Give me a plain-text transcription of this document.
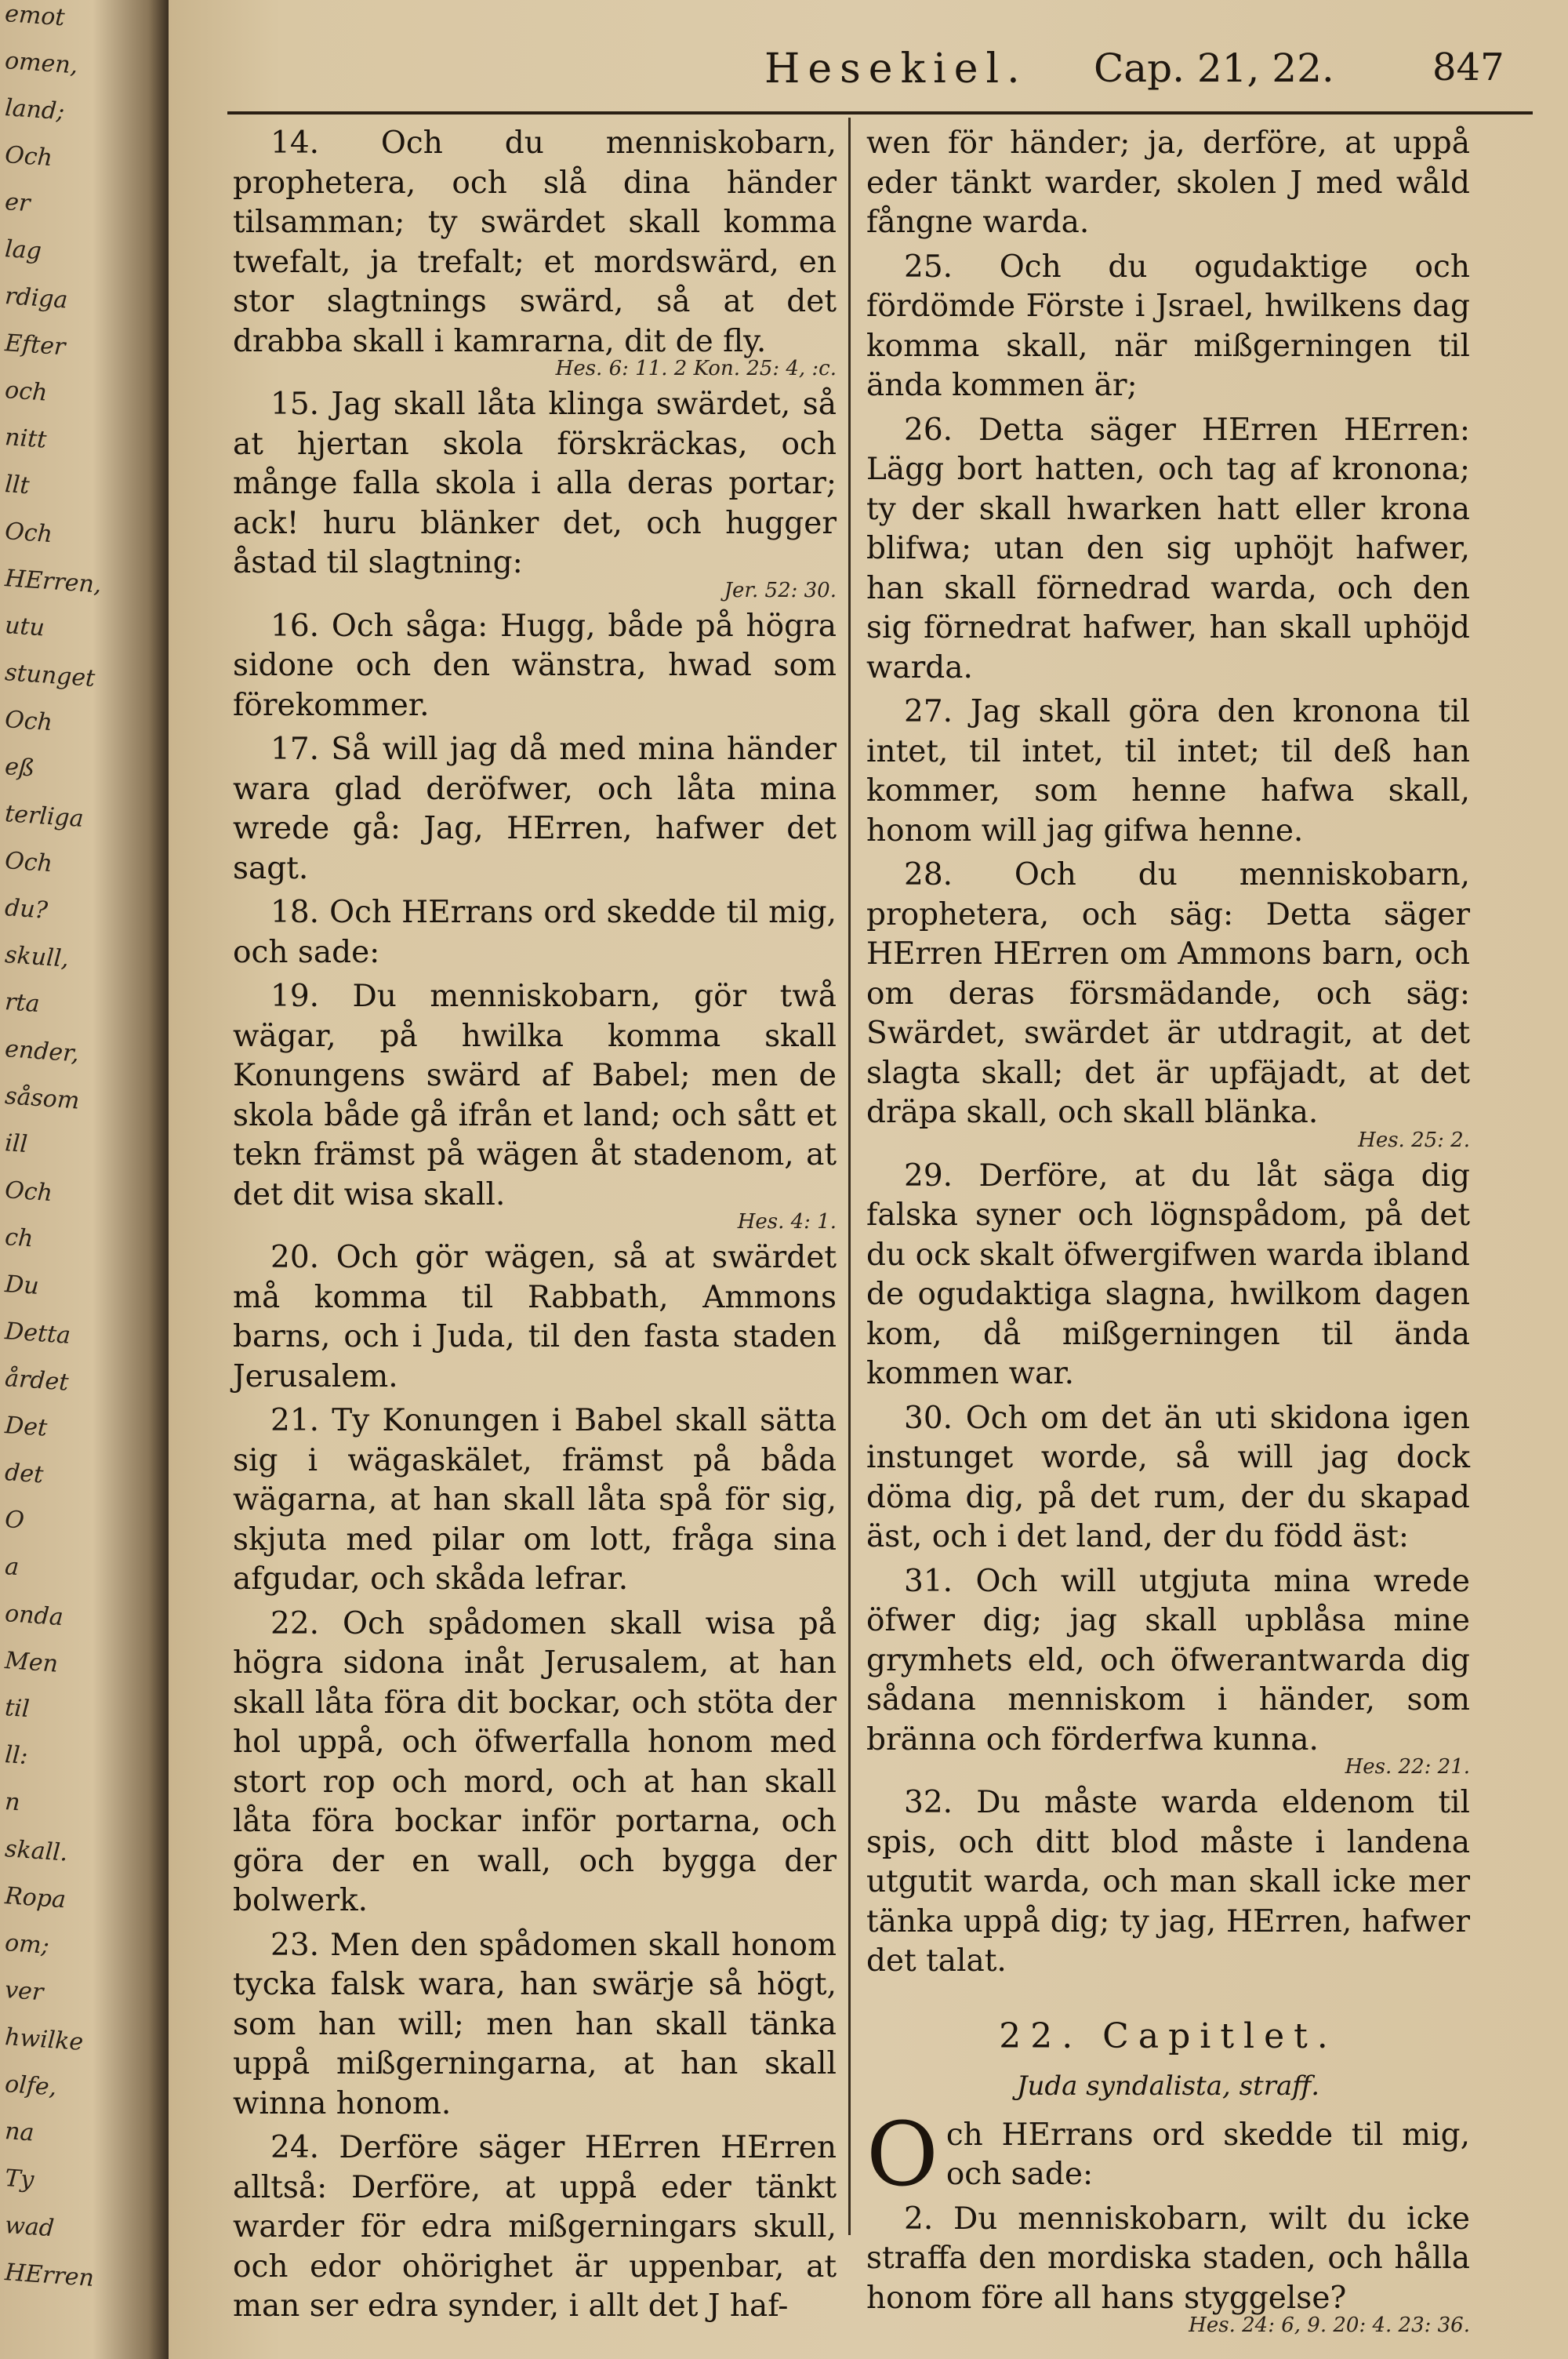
emot
omen,
land;
Och
er
lag
rdiga
Efter
och
nitt
llt
Och
HErren,
utu
stunget
Och
eß
terliga
Och
du?
skull,
rta
ender,
såsom
ill
Och
ch
Du
Detta
årdet
Det
det
O
a
onda
Men
til
ll:
n
skall.
Ropa
om;
ver
hwilke
olfe,
na
Ty
wad
HErren
Hesekiel. Cap. 21, 22.	847

14. Och du menniskobarn, prophetera, och slå dina händer tilsamman; ty swärdet skall komma twefalt, ja trefalt; et mordswärd, en stor slagtnings swärd, så at det drabba skall i kamrarna, dit de fly.
Hes. 6: 11. 2 Kon. 25: 4, :c.

15. Jag skall låta klinga swärdet, så at hjertan skola förskräckas, och månge falla skola i alla deras portar; ack! huru blänker det, och hugger åstad til slagtning:
Jer. 52: 30.

16. Och såga: Hugg, både på högra sidone och den wänstra, hwad som förekommer.

17. Så will jag då med mina händer wara glad deröfwer, och låta mina wrede gå: Jag, HErren, hafwer det sagt.

18. Och HErrans ord skedde til mig, och sade:

19. Du menniskobarn, gör twå wägar, på hwilka komma skall Konungens swärd af Babel; men de skola både gå ifrån et land; och sått et tekn främst på wägen åt stadenom, at det dit wisa skall.
Hes. 4: 1.

20. Och gör wägen, så at swärdet må komma til Rabbath, Ammons barns, och i Juda, til den fasta staden Jerusalem.

21. Ty Konungen i Babel skall sätta sig i wägaskälet, främst på båda wägarna, at han skall låta spå för sig, skjuta med pilar om lott, fråga sina afgudar, och skåda lefrar.

22. Och spådomen skall wisa på högra sidona inåt Jerusalem, at han skall låta föra dit bockar, och stöta der hol uppå, och öfwerfalla honom med stort rop och mord, och at han skall låta föra bockar inför portarna, och göra der en wall, och bygga der bolwerk.

23. Men den spådomen skall honom tycka falsk wara, han swärje så högt, som han will; men han skall tänka uppå mißgerningarna, at han skall winna honom.

24. Derföre säger HErren HErren alltså: Derföre, at uppå eder tänkt warder för edra mißgerningars skull, och edor ohörighet är uppenbar, at man ser edra synder, i allt det J haf-

wen för händer; ja, derföre, at uppå eder tänkt warder, skolen J med wåld fångne warda.

25. Och du ogudaktige och fördömde Förste i Jsrael, hwilkens dag komma skall, när mißgerningen til ända kommen är;

26. Detta säger HErren HErren: Lägg bort hatten, och tag af kronona; ty der skall hwarken hatt eller krona blifwa; utan den sig uphöjt hafwer, han skall förnedrad warda, och den sig förnedrat hafwer, han skall uphöjd warda.

27. Jag skall göra den kronona til intet, til intet, til intet; til deß han kommer, som henne hafwa skall, honom will jag gifwa henne.

28. Och du menniskobarn, prophetera, och säg: Detta säger HErren HErren om Ammons barn, och om deras försmädande, och säg: Swärdet, swärdet är utdragit, at det slagta skall; det är upfäjadt, at det dräpa skall, och skall blänka.
Hes. 25: 2.

29. Derföre, at du låt säga dig falska syner och lögnspådom, på det du ock skalt öfwergifwen warda ibland de ogudaktiga slagna, hwilkom dagen kom, då mißgerningen til ända kommen war.

30. Och om det än uti skidona igen instunget worde, så will jag dock döma dig, på det rum, der du skapad äst, och i det land, der du född äst:

31. Och will utgjuta mina wrede öfwer dig; jag skall upblåsa mine grymhets eld, och öfwerantwarda dig sådana menniskom i händer, som bränna och förderfwa kunna.
Hes. 22: 21.

32. Du måste warda eldenom til spis, och ditt blod måste i landena utgutit warda, och man skall icke mer tänka uppå dig; ty jag, HErren, hafwer det talat.

22. Capitlet.
Juda syndalista, straff.

Och HErrans ord skedde til mig, och sade:

2. Du menniskobarn, wilt du icke straffa den mordiska staden, och hålla honom före all hans styggelse?
Hes. 24: 6, 9. 20: 4. 23: 36.
